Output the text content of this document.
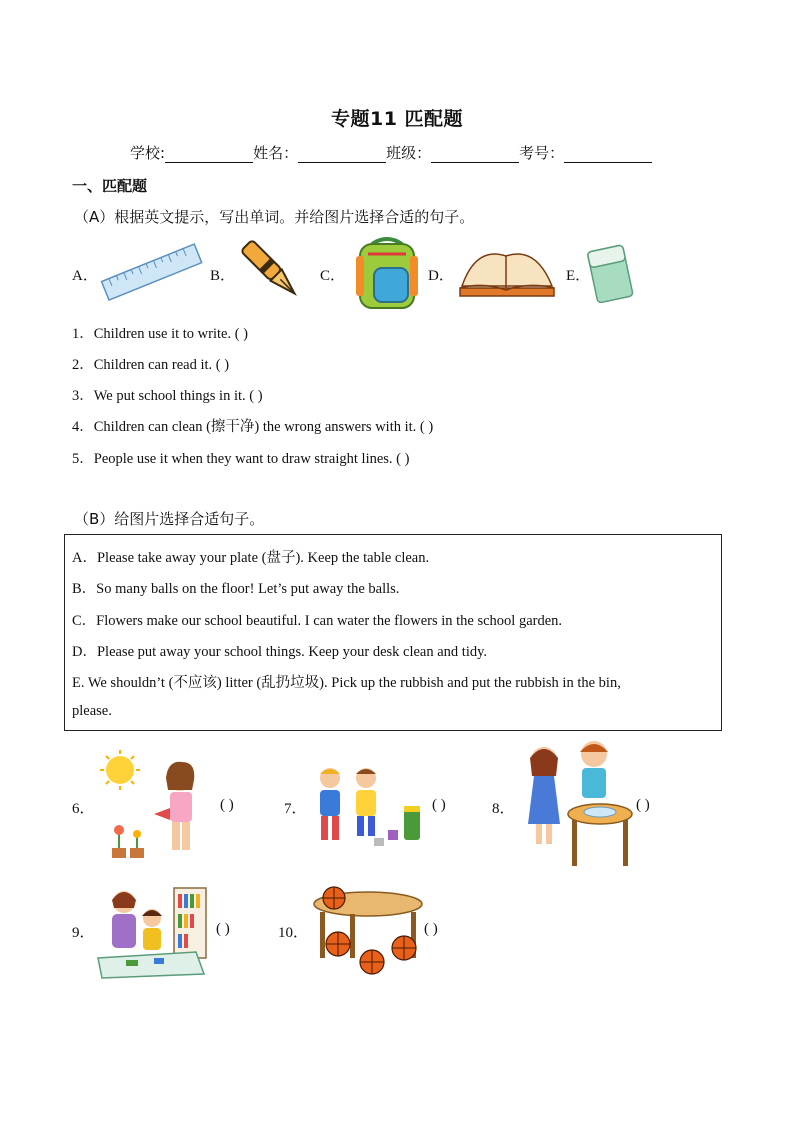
专题11 匹配题
学校:	姓名：	班级：	考号：
一、匹配题
（A）根据英文提示，写出单词。并给图片选择合适的句子。
A．	B．	C．	D．	E．
1．Children use it to write. ( )
2．Children can read it. ( )
3．We put school things in it. ( )
4．Children can clean (擦干净) the wrong answers with it. ( )
5．People use it when they want to draw straight lines. ( )
（B）给图片选择合适句子。
A．Please take away your plate (盘子). Keep the table clean.
B．So many balls on the floor! Let’s put away the balls.
C．Flowers make our school beautiful. I can water the flowers in the school garden.
D．Please put away your school things. Keep your desk clean and tidy.
E. We shouldn’t (不应该) litter (乱扔垃圾). Pick up the rubbish and put the rubbish in the bin,
please.
6．	( )	7．	( )	8．	( )
9．	( )	10．	( )
